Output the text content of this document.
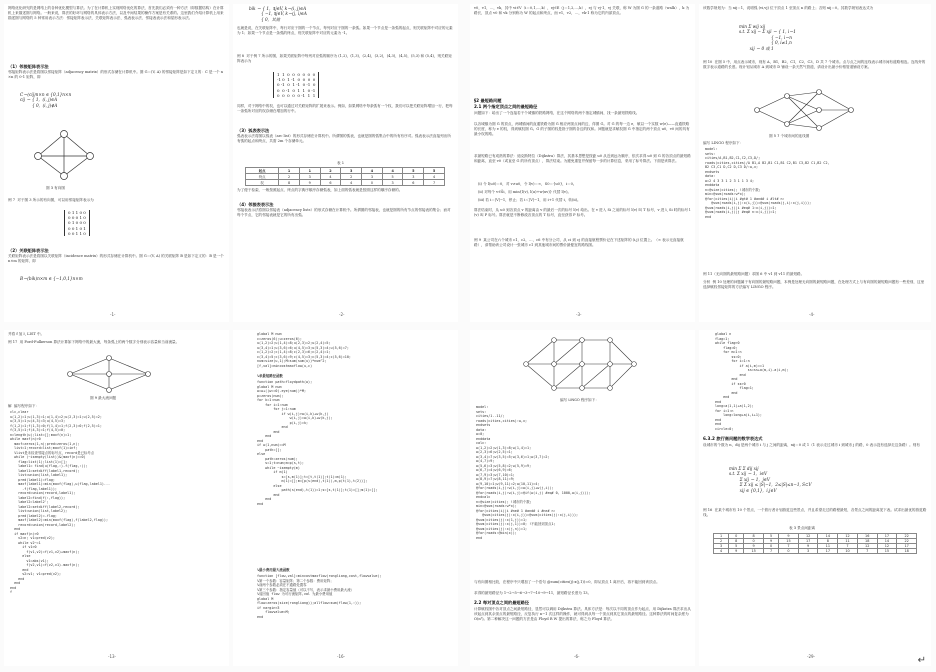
网络优化研究的是网络上的各种优化模型与算法。为了在计算机上实现网络优化的算法，首先我们必须有一种方法（即数据结构）在计算机上来描述图与网络。一般来说，算法的好坏与网络的具体表示方法，以及中间结果的操作方案是有关系的。这里我们介绍计算机上用来描述图与网络的 5 种常用表示方法：邻接矩阵表示法、关联矩阵表示法、弧表表示法、邻接表表示法和星形表示法。
（1）邻接矩阵表示法
邻接矩阵表示法是将图以邻接矩阵（adjacency matrix）的形式存储在计算机中。图 G＝(V, A) 的邻接矩阵是如下定义的：C 是一个 n×n 的 0-1 矩阵，即
C＝(cij)n×n ∈ {0,1}n×n
cij ＝ { 1,  (i, j)∈A
{ 0,  (i, j)∉A
图 3 有向图
例 7  对于图 3 所示的有向图，可以用邻接矩阵表示为
0 1 1 0 0
0 0 0 1 0
0 1 0 0 0
0 0 1 0 1
0 0 1 1 0
（2）关联矩阵表示法
关联矩阵表示法是将图以关联矩阵（incidence matrix）的形式存储在计算机中。图 G＝(V, A) 的关联矩阵 B 是如下定义的：B 是一个 n×m 的矩阵，即
B＝(bik)n×m ∈ {−1,0,1}n×m
-1-
bik ＝ { 1,  ∃j∈V, k＝(i, j)∈A
{ −1, ∃j∈V, k＝(j, i)∈A
{ 0,  其他
也就是说，在关联矩阵中，每行对应于图的一个节点，每列对应于图的一条弧。如果一个节点是一条弧的起点，则关联矩阵中对应的元素为 1；如果一个节点是一条弧的终点，则关联矩阵中对应的元素为 -1。
例 8  对于例 7 所示的图，如果关联矩阵中每列对应弧的顺序为 (1,2)，(1,3)，(2,4)，(3,2)，(4,3)，(4,5)，(5,3) 和 (5,4)，则关联矩阵表示为
1  1  0  0  0  0  0  0
-1 0  1 -1  0  0  0  0
0 -1  0  1 -1  0 -1  0
0  0 -1  0  1  1  0 -1
0  0  0  0  0 -1  1  1
同样，对于网络中的权，也可以通过对关联矩阵的扩展来表示。例如，如果网络中每条弧有一个权，我们可以把关联矩阵增加一行，把每一条弧所对应的权存储在增加的行中。
（3）弧表表示法
弧表表示法将图以弧表（arc list）的形式存储在计算机中。所谓图的弧表，也就是图的弧集合中的所有有序对。弧表表示法直接列出所有弧的起点和终点，共需 2m 个存储单元。
表 1
起点	1	1	2	3	4	4	5	5
终点	2	3	4	2	3	5	3	4
权	8	9	6	4	0	3	6	7
为了便于检索，一般按照起点、终点的字典序顺序存储弧表，如上面的弧表就是按照这样的顺序存储的。
（4）邻接表表示法
邻接表表示法将图以邻接表（adjacency lists）的形式存储在计算机中。所谓图的邻接表，也就是图的所有节点的邻接表的集合；而对每个节点，它的邻接表就是它的所有出弧。
-2-
v0，v1，…，vk，其中 vi∈V（i＝0,1,…,k），ej∈E（j＝1,2,…,k），ej 与 vj-1，vj 关联，称 W 为图 G 的一条道路（walk），k 为路长，顶点 v0 和 vk 分别称为 W 的起点和终点，而 v1，v2，…，vk-1 称为它的内部顶点。
§2 最短路问题
2.1 两个指定顶点之间的最短路径
问题如下：给出了一个连接若干个城镇的铁路网络，在这个网络的两个指定城镇间，找一条最短铁路线。
以各城镇为图 G 的顶点，两城镇间的直通铁路为图 G 相应两顶点间的边，得图 G。对 G 的每一边 e，赋以一个实数 w(e)——直通铁路的长度，称为 e 的权，得到赋权图 G。G 的子图的权是指子图的各边的权和。问题就是求赋权图 G 中指定的两个顶点 u0，v0 间的具有最小权的路。
求最短路已有成熟的算法：迪克斯特拉（Dijkstra）算法，其基本思想是按距 u0 从近到远为顺序，依次求得 u0 到 G 的各顶点的最短路和距离，直至 v0（或直至 G 的所有顶点），算法结束。为避免重复并保留每一步的计算信息，采用了标号算法。下面是该算法。
(i) 令 l(u0)＝0，对 v≠u0，令 l(v)＝∞，S0＝{u0}，i＝0。
(ii) 对每个 v∈S̄i，用 min{l(v), l(u)+w(uv)} 代替 l(v)。
(iii) 若 i＝|V|−1，停止；若 i＜|V|−1，用 i+1 代替 i，转(ii)。
算法结束时，从 u0 到各顶点 v 的距离由 v 的最后一次的标号 l(v) 给出。在 v 进入 Si 之前的标号 l(v) 叫 T 标号，v 进入 Si 时的标号 l(v) 叫 P 标号。算法就是不断修改各顶点的 T 标号，直至获得 P 标号。
例 9  某公司在六个城市 c1，c2，…，c6 中有分公司，从 ci 到 cj 的直接航程票价记在下述矩阵的 (i,j) 位置上。（∞ 表示无直接航路），请帮助该公司设计一张城市 c1 到其他城市间的票价最便宜的路线图。
-3-
该数学规划为：当 xij＝1，说明弧 (vi,vj) 位于顶点 1 至顶点 n 的路上；否则 xij＝0。其数学规划表达式为
min Σ wij xij
s.t. Σ xij − Σ xji ＝ { 1, i＝1
{ −1, i＝n
{ 0, i≠1,n
xij ＝ 0 或 1
例 10  在图 5 中，用点表示城市，现有 A，B1，B2，C1，C2，C3，D 共 7 个城市。点与点之间的连线表示城市间有道路相连。连线旁的数字表示道路的长度。现计划从城市 A 到城市 D 铺设一条天然气管道，请设计出最小价格管道铺设方案。
图 5 7 个城市间的连线图
编写 LINGO 程序如下：
model:
sets:
cities/A,B1,B2,C1,C2,C3,D/;
roads(cities,cities)/A B1,A B2,B1 C1,B1 C2,B1 C3,B2 C1,B2 C2,
B2 C3,C1 D,C2 D,C3 D/:w,x;
endsets
data:
w=2 4 3 3 1 2 3 1 1 3 4;
enddata
n=@size(cities); !城市的个数;
min=@sum(roads:w*x);
@for(cities(i)|i #gt# 1 #and# i #lt# n:
@sum(roads(i,j):x(i,j))=@sum(roads(j,i):x(j,i)));
@sum(roads(i,j)|i #eq# 1:x(i,j))=1;
@sum(roads(i,j)|j #eq# n:x(i,j))=1;
end
例 11（无向图的最短路问题）求图 6 中 v1 到 v11 的最短路。
分析  例 10 处理的问题属于有向图的最短路问题，本例是处理无向图的最短路问题，在处理方式上与有向图的最短路问题有一些差别，这里选择赋权邻接矩阵的方法编写 LINGO 程序。
-4-
并将 f 加入 LIST 中。
例 17  用 Ford-Fulkerson 算法计算如下网络中的最大流，每条弧上的两个数字分别表示容量和当前流量。
图 9 最大流问题
解  编写程序如下：
clc,clear
u(1,2)=1;u(1,3)=1;u(1,4)=2;u(2,3)=1;u(2,5)=2;
u(3,5)=1;u(4,3)=3;u(4,5)=3;
f(1,2)=1;f(1,3)=0;f(1,4)=1;f(2,3)=0;f(2,5)=1;
f(3,5)=1;f(4,3)=1;f(4,5)=0;
n=length(u);list=[];maxf(n)=1;
while maxf(n)>0
maxf=zeros(1,n);pred=zeros(1,n);
list=1;record=list;maxf(1)=inf;
%list是未检查邻接点的标号点，record是已标号点
while (~isempty(list))&(maxf(n)==0)
flag=list(1);list(1)=[];
label1= find(u(flag,:)-f(flag,:));
label1=setdiff(label1,record);
list=union(list,label1);
pred(label1)=flag;
maxf(label1)=min(maxf(flag),u(flag,label1)...
-f(flag,label1));
record=union(record,label1);
label2=find(f(:,flag));
label2=label2';
label2=setdiff(label2,record);
list=union(list,label2);
pred(label2)=-flag;
maxf(label2)=min(maxf(flag),f(label2,flag));
record=union(record,label2);
end
if maxf(n)>0
v2=n; v1=pred(v2);
while v2~=1
if v1>0
f(v1,v2)=f(v1,v2)+maxf(n);
else
v1=abs(v1);
f(v2,v1)=f(v2,v1)-maxf(n);
end
v2=v1; v1=pred(v2);
end
end
end
f
-13-
global M num
c=zeros(6);u=zeros(6);
u(1,2)=2;u(1,4)=8;u(2,3)=2;u(2,4)=5;
u(3,4)=1;u(3,6)=6;u(4,5)=3;u(5,3)=4;u(5,6)=7;
c(1,2)=2;c(1,4)=8;c(2,3)=6;c(2,4)=1;
c(3,4)=5;c(3,6)=9;c(4,5)=3;c(5,3)=4;c(5,6)=10;
num=size(u,1);M=sum(sum(u))*num^2;
[f,val]=mincostmaxflow(u,c)
%求最短路径函数
function path=floydpath(w);
global M num
w=w+((w==0)-eye(num))*M;
p=zeros(num);
for k=1:num
for i=1:num
for j=1:num
if w(i,j)>w(i,k)+w(k,j)
w(i,j)=w(i,k)+w(k,j);
p(i,j)=k;
end
end
end
end
if w(1,num)==M
path=[];
else
path=zeros(num);
s=1;t=num;m=p(s,t);
while ~isempty(m)
if m(1)
s=[s,m(1)];t=[t,t(1)];t(1)=m(1);
m(1)=[];m=[p(s(end),t(1)),m,p(t(1),t(2))];
else
path(s(end),t(1))=1;s=[s,t(1)];t(1)=[];m(1)=[];
end
end
end
%最小费用最大流函数
function [flow,val]=mincostmaxflow(rongliang,cost,flowvalue);
%第一个参数：容量矩阵；第二个参数：费用矩阵；
%前两个参数必须在不通路处置零
%第三个参数：指定容量值（可以不写，表示求最小费用最大流）
%返回值 flow 为可行流矩阵,val 为最小费用值
global M
flow=zeros(size(rongliang));allflow=sum(flow(1,:));
if nargin<3
flowvalue=M;
end
-16-
编写 LINGO 程序如下：
model:
sets:
cities/1..11/;
roads(cities,cities):w,x;
endsets
data:
w=0;
enddata
calc:
w(1,2)=2;w(1,3)=8;w(1,4)=1;
w(2,3)=6;w(2,5)=1;
w(3,4)=7;w(3,5)=5;w(3,6)=1;w(3,7)=2;
w(4,7)=9;
w(5,6)=3;w(5,8)=2;w(5,9)=9;
w(6,7)=4;w(6,9)=6;
w(7,9)=3;w(7,10)=1;
w(8,9)=7;w(8,11)=9;
w(9,10)=1;w(9,11)=2;w(10,11)=4;
@for(roads(i,j):w(i,j)=w(i,j)+w(j,i));
@for(roads(i,j):w(i,j)=@if(w(i,j) #eq# 0, 1000,w(i,j)));
endcalc
n=@size(cities); !城市的个数;
min=@sum(roads:w*x);
@for(cities(i)|i #ne# 1 #and# i #ne# n:
@sum(cities(j):x(i,j))=@sum(cities(j):x(j,i)));
@sum(cities(j):x(1,j))=1;
@sum(cities(j):x(j,1))=0; !不能回到顶点1;
@sum(cities(j):x(j,n))=1;
@for(roads:@bin(x));
end
与有向图相比较，在程序中只增加了一个语句 @sum(cities(j):x(j,1))=0，即从顶点 1 离开后，再不能回到该顶点。
求得的最短路径为 1→2→5→6→3→7→10→9→11，最短路径长度为 13。
2.2 每对顶点之间的最短路径
计算赋权图中各对顶点之间最短路径，显然可以调用 Dijkstra 算法。具体方法是：每次以不同的顶点作为起点，用 Dijkstra 算法求出从该起点到其余顶点的最短路径，反复执行 n−1 次这样的操作，就可得到从每一个顶点到其它顶点的最短路径。这种算法的时间复杂度为 O(n³)。第二种解决这一问题的方法是由 Floyd R W 提出的算法，称之为 Floyd 算法。
-6-
global n
flag=1;
while flag>0
flag=0;
for m=1:n
ss=0;
for i=1:n
if a(i,m)==1
ss=ss+a(m,i)-a(i,m);
end
end
if ss>0
flag=1;
end
end
end
long=a(1,1)+a(1,2);
for i=1:n
long=long+a(i,i+1);
end
end
circle=0;
6.3.2 旅行商问题的数学表达式
设城市的个数为 n，dij 是两个城市 i 与 j 之间的距离，xij＝0 或 1（1 表示走过城市 i 到城市 j 的路，0 表示没有选择走这条路）。则有
min Σ Σ dij xij
s.t. Σ xij ＝ 1,  i∈V
Σ xij ＝ 1,  j∈V
Σ Σ xij ≤ |S|−1,  2≤|S|≤n−1, S⊂V
xij ∈ {0,1},  i,j∈V
例 16  在某个城市有 10 个景点，一个旅行者计划游览这些景点，并且希望走过的路程最短，各景点之间的距离见下表。试求出最优的游览路线。
表 3 景点间距离
1	0	8	5	9	12	14	12	16	17	22
2	8	0	9	15	17	8	11	18	14	22
3	5	9	0	7	9	11	7	12	12	17
4	9	15	7	0	3	17	10	7	15	18
-29-	↵
